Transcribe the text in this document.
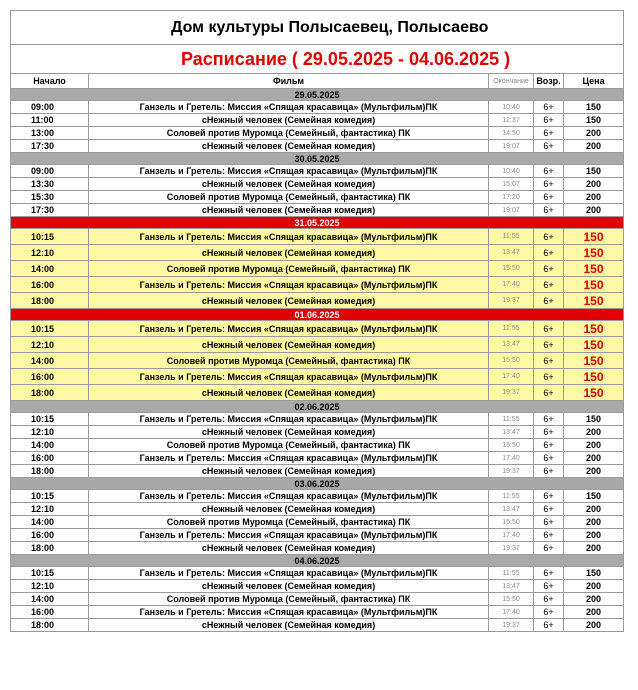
Дом культуры Полысаевец, Полысаево				
Расписание ( 29.05.2025 - 04.06.2025 )				
Начало	Фильм	Окончание	Возр.	Цена
29.05.2025				
09:00	Ганзель и Гретель: Миссия «Спящая красавица» (Мультфильм)ПК	10:40	6+	150
11:00	сНежный человек (Семейная комедия)	12:37	6+	150
13:00	Соловей против Муромца (Семейный, фантастика) ПК	14:50	6+	200
17:30	сНежный человек (Семейная комедия)	19:07	6+	200
30.05.2025				
09:00	Ганзель и Гретель: Миссия «Спящая красавица» (Мультфильм)ПК	10:40	6+	150
13:30	сНежный человек (Семейная комедия)	15:07	6+	200
15:30	Соловей против Муромца (Семейный, фантастика) ПК	17:20	6+	200
17:30	сНежный человек (Семейная комедия)	19:07	6+	200
31.05.2025				
10:15	Ганзель и Гретель: Миссия «Спящая красавица» (Мультфильм)ПК	11:55	6+	150
12:10	сНежный человек (Семейная комедия)	13:47	6+	150
14:00	Соловей против Муромца (Семейный, фантастика) ПК	15:50	6+	150
16:00	Ганзель и Гретель: Миссия «Спящая красавица» (Мультфильм)ПК	17:40	6+	150
18:00	сНежный человек (Семейная комедия)	19:37	6+	150
01.06.2025				
10:15	Ганзель и Гретель: Миссия «Спящая красавица» (Мультфильм)ПК	11:55	6+	150
12:10	сНежный человек (Семейная комедия)	13:47	6+	150
14:00	Соловей против Муромца (Семейный, фантастика) ПК	15:50	6+	150
16:00	Ганзель и Гретель: Миссия «Спящая красавица» (Мультфильм)ПК	17:40	6+	150
18:00	сНежный человек (Семейная комедия)	19:37	6+	150
02.06.2025				
10:15	Ганзель и Гретель: Миссия «Спящая красавица» (Мультфильм)ПК	11:55	6+	150
12:10	сНежный человек (Семейная комедия)	13:47	6+	200
14:00	Соловей против Муромца (Семейный, фантастика) ПК	15:50	6+	200
16:00	Ганзель и Гретель: Миссия «Спящая красавица» (Мультфильм)ПК	17:40	6+	200
18:00	сНежный человек (Семейная комедия)	19:37	6+	200
03.06.2025				
10:15	Ганзель и Гретель: Миссия «Спящая красавица» (Мультфильм)ПК	11:55	6+	150
12:10	сНежный человек (Семейная комедия)	13:47	6+	200
14:00	Соловей против Муромца (Семейный, фантастика) ПК	15:50	6+	200
16:00	Ганзель и Гретель: Миссия «Спящая красавица» (Мультфильм)ПК	17:40	6+	200
18:00	сНежный человек (Семейная комедия)	19:37	6+	200
04.06.2025				
10:15	Ганзель и Гретель: Миссия «Спящая красавица» (Мультфильм)ПК	11:55	6+	150
12:10	сНежный человек (Семейная комедия)	13:47	6+	200
14:00	Соловей против Муромца (Семейный, фантастика) ПК	15:50	6+	200
16:00	Ганзель и Гретель: Миссия «Спящая красавица» (Мультфильм)ПК	17:40	6+	200
18:00	сНежный человек (Семейная комедия)	19:37	6+	200
